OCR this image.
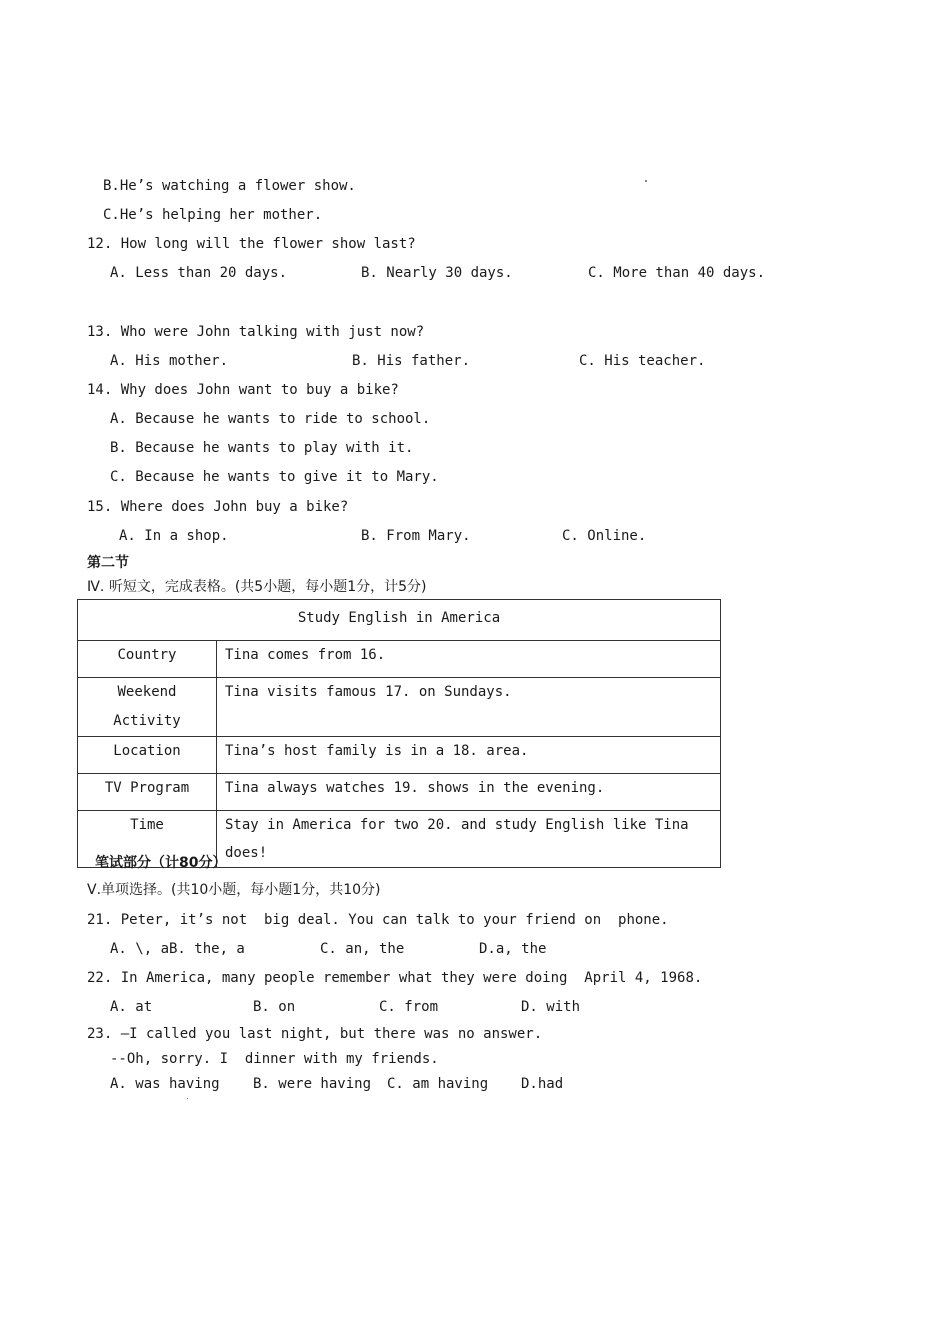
B.He’s watching a flower show.
C.He’s helping her mother.
12. How long will the flower show last?
A. Less than 20 days.	B. Nearly 30 days.	C. More than 40 days.
13. Who were John talking with just now?
A. His mother.	B. His father.	C. His teacher.
14. Why does John want to buy a bike?
A. Because he wants to ride to school.
B. Because he wants to play with it.
C. Because he wants to give it to Mary.
15. Where does John buy a bike?
A. In a shop.	B. From Mary.	C. Online.
第二节
Ⅳ. 听短文，完成表格。(共5小题，每小题1分，计5分)
Study English in America	
Country	Tina comes from 16.
Weekend
Activity	Tina visits famous 17. on Sundays.
Location	Tina’s host family is in a 18. area.
TV Program	Tina always watches 19. shows in the evening.
Time	Stay in America for two 20. and study English like Tina does!
笔试部分（计80分）
Ⅴ.单项选择。(共10小题，每小题1分，共10分)
21. Peter, it’s not  big deal. You can talk to your friend on  phone.
A. \, aB. the, a	C. an, the	D.a, the
22. In America, many people remember what they were doing  April 4, 1968.
A. at	B. on	C. from	D. with
23. —I called you last night, but there was no answer.
--Oh, sorry. I  dinner with my friends.
A. was having B. were having C. am having D.had
